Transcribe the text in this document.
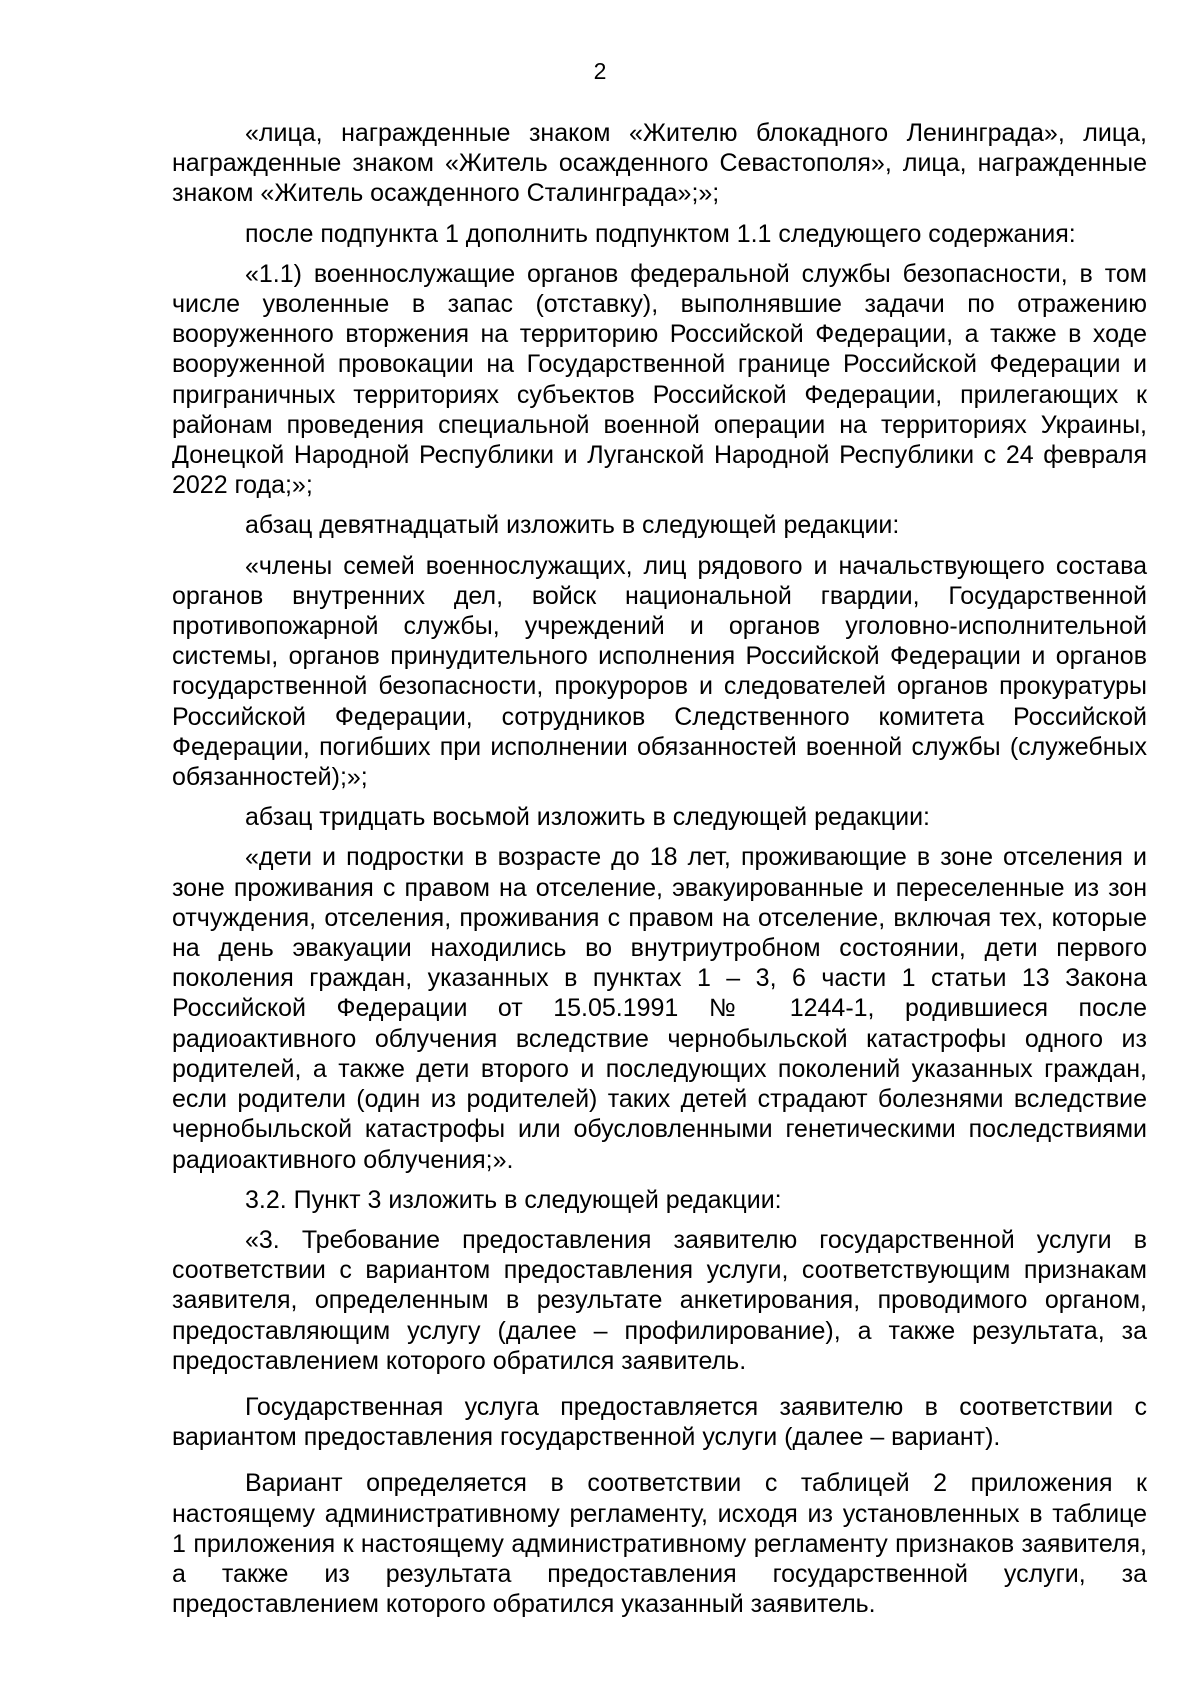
2

«лица, награжденные знаком «Жителю блокадного Ленинграда», лица, награжденные знаком «Житель осажденного Севастополя», лица, награжденные знаком «Житель осажденного Сталинграда»;»;

после подпункта 1 дополнить подпунктом 1.1 следующего содержания:

«1.1) военнослужащие органов федеральной службы безопасности, в том числе уволенные в запас (отставку), выполнявшие задачи по отражению вооруженного вторжения на территорию Российской Федерации, а также в ходе вооруженной провокации на Государственной границе Российской Федерации и приграничных территориях субъектов Российской Федерации, прилегающих к районам проведения специальной военной операции на территориях Украины, Донецкой Народной Республики и Луганской Народной Республики с 24 февраля 2022 года;»;

абзац девятнадцатый изложить в следующей редакции:

«члены семей военнослужащих, лиц рядового и начальствующего состава органов внутренних дел, войск национальной гвардии, Государственной противопожарной службы, учреждений и органов уголовно-исполнительной системы, органов принудительного исполнения Российской Федерации и органов государственной безопасности, прокуроров и следователей органов прокуратуры Российской Федерации, сотрудников Следственного комитета Российской Федерации, погибших при исполнении обязанностей военной службы (служебных обязанностей);»;

абзац тридцать восьмой изложить в следующей редакции:

«дети и подростки в возрасте до 18 лет, проживающие в зоне отселения и зоне проживания с правом на отселение, эвакуированные и переселенные из зон отчуждения, отселения, проживания с правом на отселение, включая тех, которые на день эвакуации находились во внутриутробном состоянии, дети первого поколения граждан, указанных в пунктах 1 – 3, 6 части 1 статьи 13 Закона Российской Федерации от 15.05.1991 № 1244-1, родившиеся после радиоактивного облучения вследствие чернобыльской катастрофы одного из родителей, а также дети второго и последующих поколений указанных граждан, если родители (один из родителей) таких детей страдают болезнями вследствие чернобыльской катастрофы или обусловленными генетическими последствиями радиоактивного облучения;».

3.2. Пункт 3 изложить в следующей редакции:

«3. Требование предоставления заявителю государственной услуги в соответствии с вариантом предоставления услуги, соответствующим признакам заявителя, определенным в результате анкетирования, проводимого органом, предоставляющим услугу (далее – профилирование), а также результата, за предоставлением которого обратился заявитель.

Государственная услуга предоставляется заявителю в соответствии с вариантом предоставления государственной услуги (далее – вариант).

Вариант определяется в соответствии с таблицей 2 приложения к настоящему административному регламенту, исходя из установленных в таблице 1 приложения к настоящему административному регламенту признаков заявителя, а также из результата предоставления государственной услуги, за предоставлением которого обратился указанный заявитель.
